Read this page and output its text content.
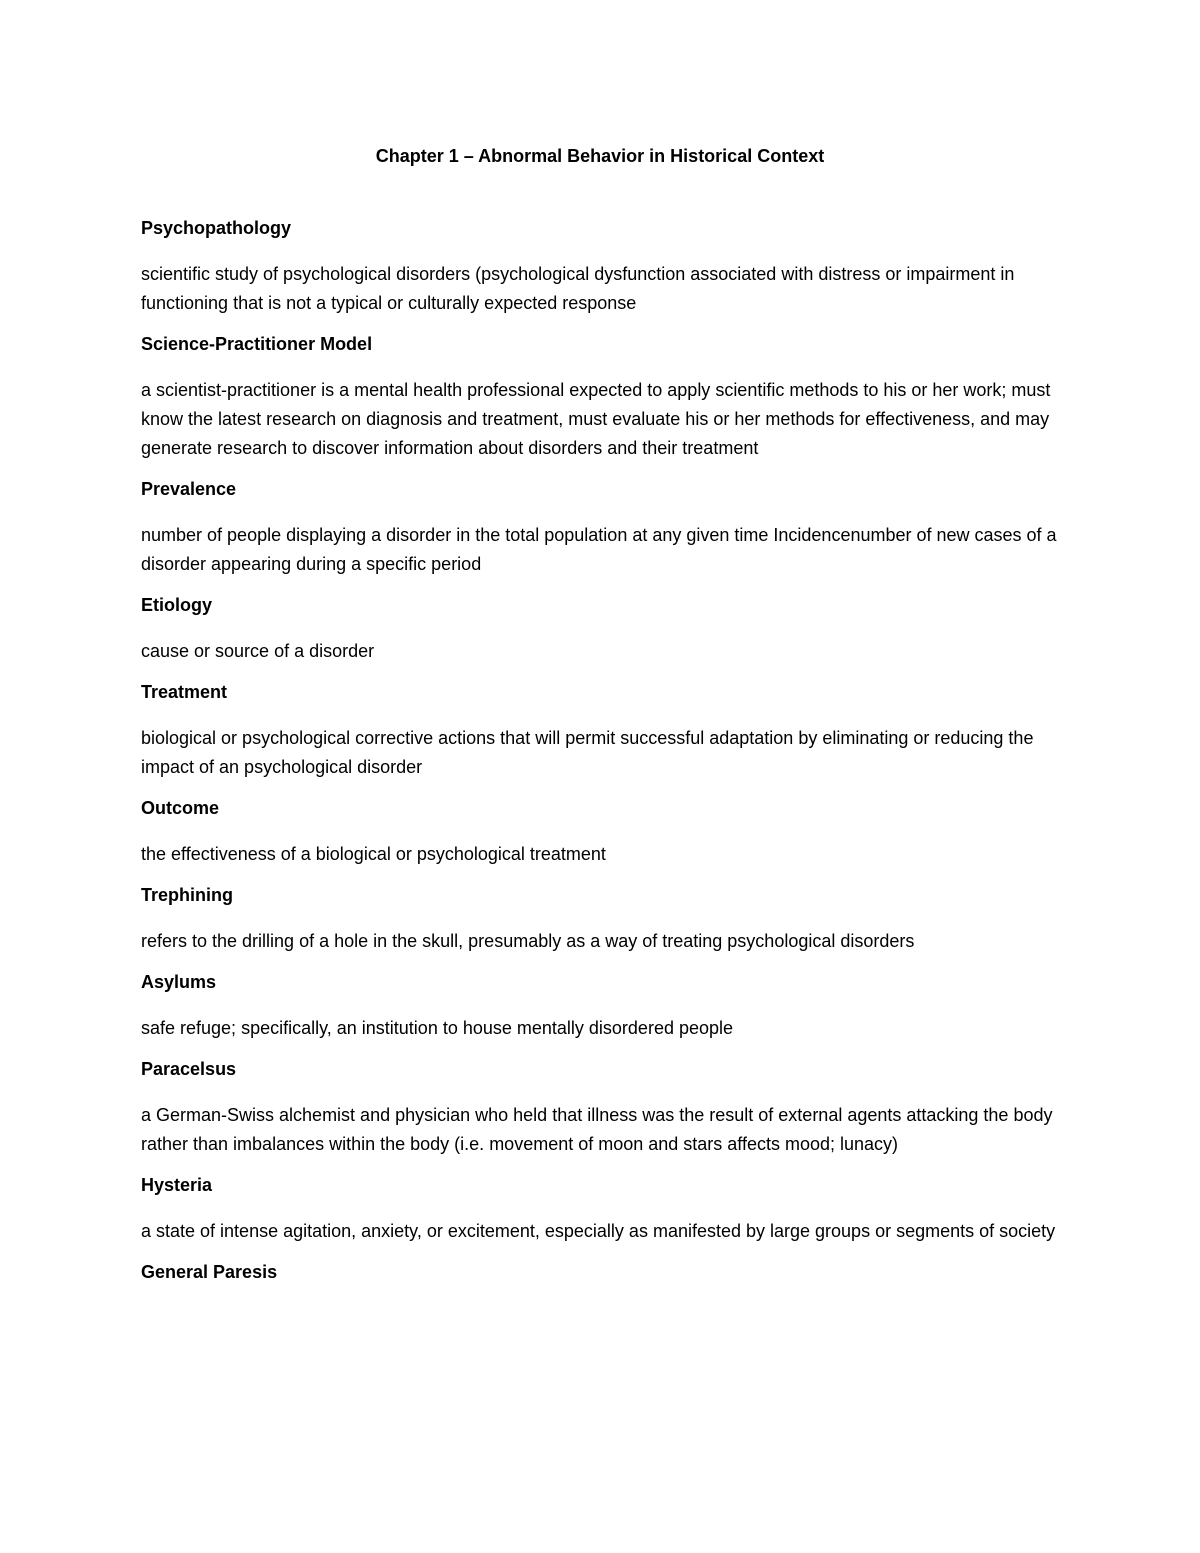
Chapter 1 – Abnormal Behavior in Historical Context

Psychopathology

scientific study of psychological disorders (psychological dysfunction associated with distress or impairment in functioning that is not a typical or culturally expected response

Science-Practitioner Model

a scientist-practitioner is a mental health professional expected to apply scientific methods to his or her work; must know the latest research on diagnosis and treatment, must evaluate his or her methods for effectiveness, and may generate research to discover information about disorders and their treatment

Prevalence

number of people displaying a disorder in the total population at any given time Incidencenumber of new cases of a disorder appearing during a specific period

Etiology

cause or source of a disorder

Treatment

biological or psychological corrective actions that will permit successful adaptation by eliminating or reducing the impact of an psychological disorder

Outcome

the effectiveness of a biological or psychological treatment

Trephining

refers to the drilling of a hole in the skull, presumably as a way of treating psychological disorders

Asylums

safe refuge; specifically, an institution to house mentally disordered people

Paracelsus

a German-Swiss alchemist and physician who held that illness was the result of external agents attacking the body rather than imbalances within the body (i.e. movement of moon and stars affects mood; lunacy)

Hysteria

a state of intense agitation, anxiety, or excitement, especially as manifested by large groups or segments of society

General Paresis
